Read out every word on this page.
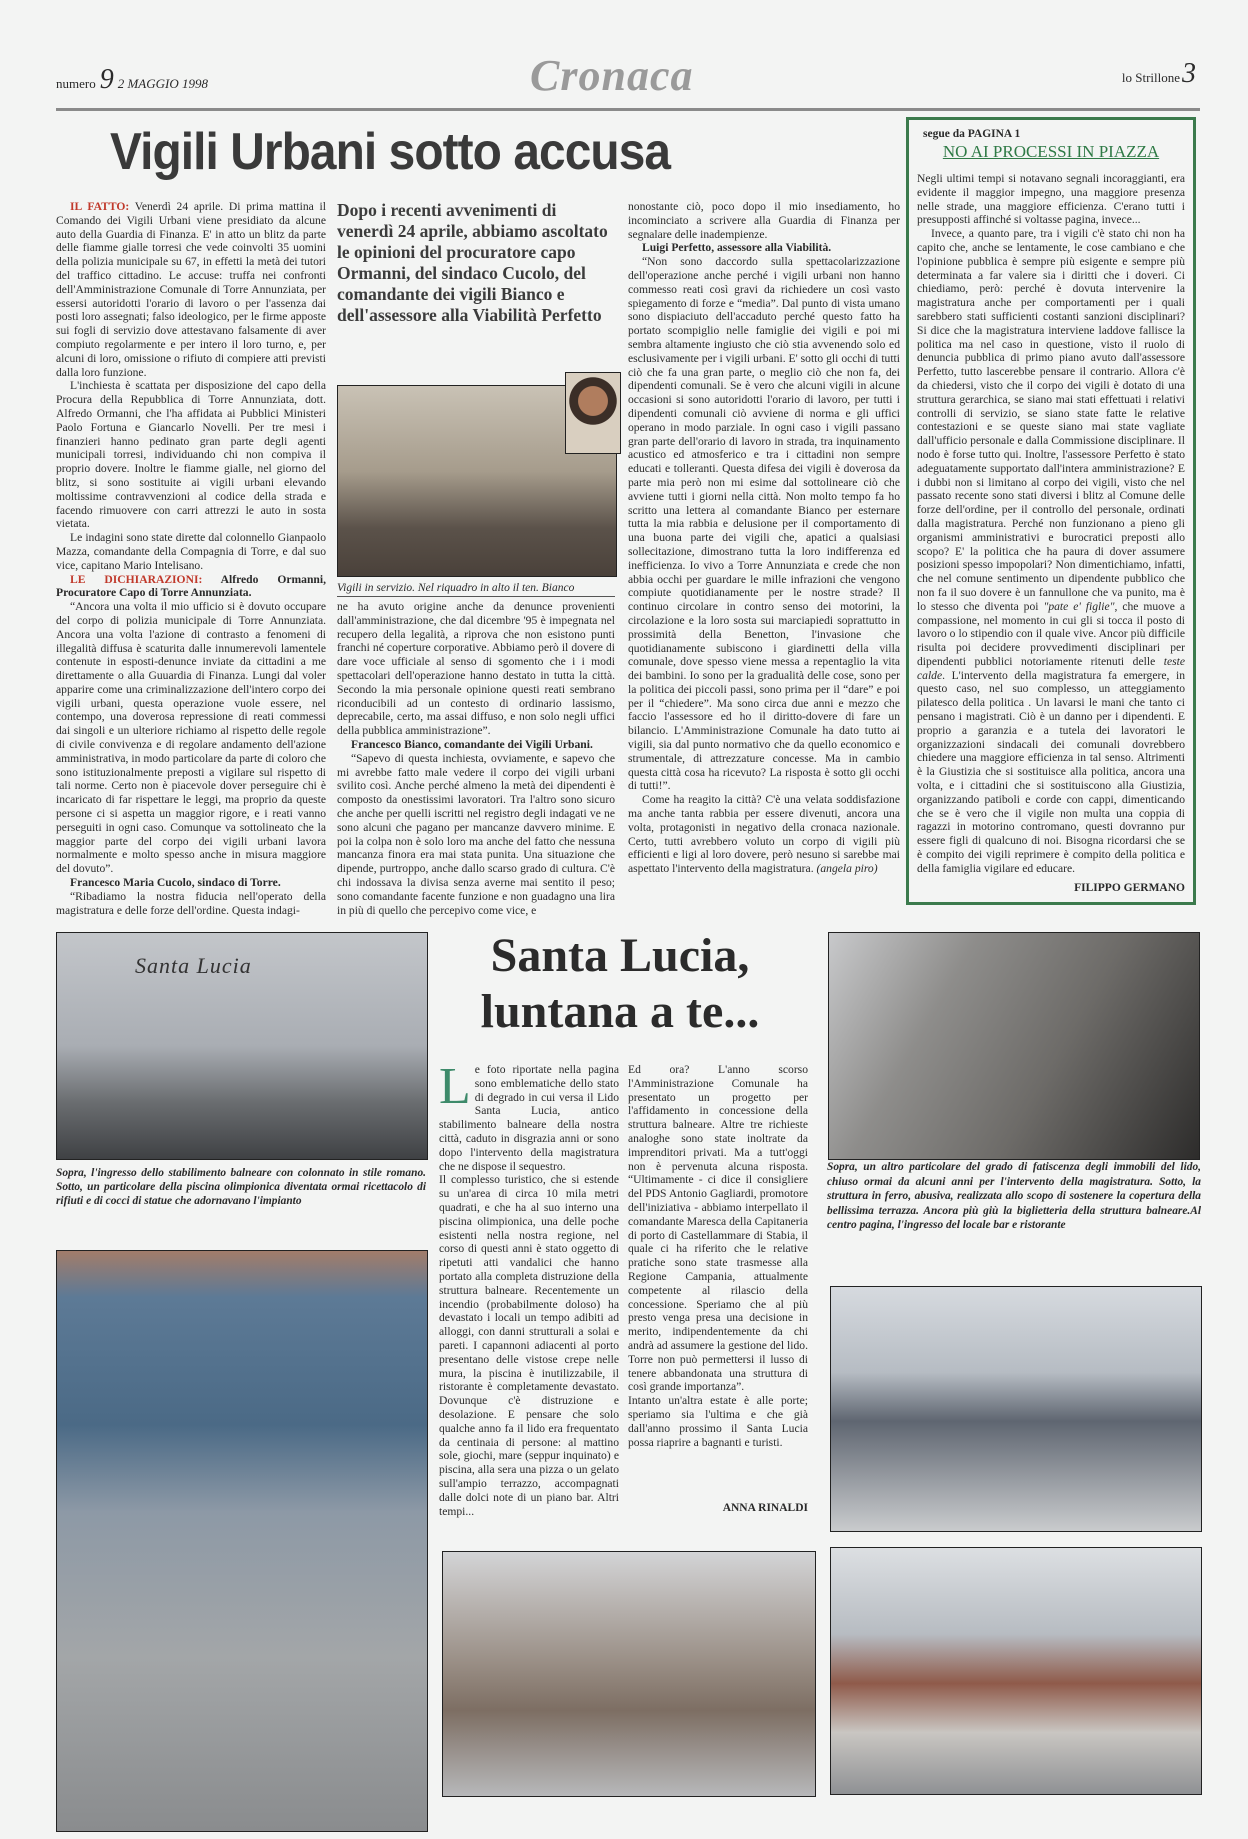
numero 9 2 MAGGIO 1998	Cronaca	lo Strillone3
Vigili Urbani sotto accusa

IL FATTO: Venerdì 24 aprile. Di prima mattina il Comando dei Vigili Urbani viene presidiato da alcune auto della Guardia di Finanza. E' in atto un blitz da parte delle fiamme gialle torresi che vede coinvolti 35 uomini della polizia municipale su 67, in effetti la metà dei tutori del traffico cittadino. Le accuse: truffa nei confronti dell'Amministrazione Comunale di Torre Annunziata, per essersi autoridotti l'orario di lavoro o per l'assenza dai posti loro assegnati; falso ideologico, per le firme apposte sui fogli di servizio dove attestavano falsamente di aver compiuto regolarmente e per intero il loro turno, e, per alcuni di loro, omissione o rifiuto di compiere atti previsti dalla loro funzione.

L'inchiesta è scattata per disposizione del capo della Procura della Repubblica di Torre Annunziata, dott. Alfredo Ormanni, che l'ha affidata ai Pubblici Ministeri Paolo Fortuna e Giancarlo Novelli. Per tre mesi i finanzieri hanno pedinato gran parte degli agenti municipali torresi, individuando chi non compiva il proprio dovere. Inoltre le fiamme gialle, nel giorno del blitz, si sono sostituite ai vigili urbani elevando moltissime contravvenzioni al codice della strada e facendo rimuovere con carri attrezzi le auto in sosta vietata.

Le indagini sono state dirette dal colonnello Gianpaolo Mazza, comandante della Compagnia di Torre, e dal suo vice, capitano Mario Intelisano.

LE DICHIARAZIONI: Alfredo Ormanni, Procuratore Capo di Torre Annunziata.

“Ancora una volta il mio ufficio si è dovuto occupare del corpo di polizia municipale di Torre Annunziata. Ancora una volta l'azione di contrasto a fenomeni di illegalità diffusa è scaturita dalle innumerevoli lamentele contenute in esposti-denunce inviate da cittadini a me direttamente o alla Guuardia di Finanza. Lungi dal voler apparire come una criminalizzazione dell'intero corpo dei vigili urbani, questa operazione vuole essere, nel contempo, una doverosa repressione di reati commessi dai singoli e un ulteriore richiamo al rispetto delle regole di civile convivenza e di regolare andamento dell'azione amministrativa, in modo particolare da parte di coloro che sono istituzionalmente preposti a vigilare sul rispetto di tali norme. Certo non è piacevole dover perseguire chi è incaricato di far rispettare le leggi, ma proprio da queste persone ci si aspetta un maggior rigore, e i reati vanno perseguiti in ogni caso. Comunque va sottolineato che la maggior parte del corpo dei vigili urbani lavora normalmente e molto spesso anche in misura maggiore del dovuto”.

Francesco Maria Cucolo, sindaco di Torre.

“Ribadiamo la nostra fiducia nell'operato della magistratura e delle forze dell'ordine. Questa indagi-

Dopo i recenti avvenimenti di venerdì 24 aprile, abbiamo ascoltato le opinioni del procuratore capo Ormanni, del sindaco Cucolo, del comandante dei vigili Bianco e dell'assessore alla Viabilità Perfetto
Vigili in servizio. Nel riquadro in alto il ten. Bianco

ne ha avuto origine anche da denunce provenienti dall'amministrazione, che dal dicembre '95 è impegnata nel recupero della legalità, a riprova che non esistono punti franchi né coperture corporative. Abbiamo però il dovere di dare voce ufficiale al senso di sgomento che i i modi spettacolari dell'operazione hanno destato in tutta la città. Secondo la mia personale opinione questi reati sembrano riconducibili ad un contesto di ordinario lassismo, deprecabile, certo, ma assai diffuso, e non solo negli uffici della pubblica amministrazione”.

Francesco Bianco, comandante dei Vigili Urbani.

“Sapevo di questa inchiesta, ovviamente, e sapevo che mi avrebbe fatto male vedere il corpo dei vigili urbani svilito così. Anche perché almeno la metà dei dipendenti è composto da onestissimi lavoratori. Tra l'altro sono sicuro che anche per quelli iscritti nel registro degli indagati ve ne sono alcuni che pagano per mancanze davvero minime. E poi la colpa non è solo loro ma anche del fatto che nessuna mancanza finora era mai stata punita. Una situazione che dipende, purtroppo, anche dallo scarso grado di cultura. C'è chi indossava la divisa senza averne mai sentito il peso; sono comandante facente funzione e non guadagno una lira in più di quello che percepivo come vice, e

nonostante ciò, poco dopo il mio insediamento, ho incominciato a scrivere alla Guardia di Finanza per segnalare delle inadempienze.

Luigi Perfetto, assessore alla Viabilità.

“Non sono daccordo sulla spettacolarizzazione dell'operazione anche perché i vigili urbani non hanno commesso reati così gravi da richiedere un così vasto spiegamento di forze e “media”. Dal punto di vista umano sono dispiaciuto dell'accaduto perché questo fatto ha portato scompiglio nelle famiglie dei vigili e poi mi sembra altamente ingiusto che ciò stia avvenendo solo ed esclusivamente per i vigili urbani. E' sotto gli occhi di tutti ciò che fa una gran parte, o meglio ciò che non fa, dei dipendenti comunali. Se è vero che alcuni vigili in alcune occasioni si sono autoridotti l'orario di lavoro, per tutti i dipendenti comunali ciò avviene di norma e gli uffici operano in modo parziale. In ogni caso i vigili passano gran parte dell'orario di lavoro in strada, tra inquinamento acustico ed atmosferico e tra i cittadini non sempre educati e tolleranti. Questa difesa dei vigili è doverosa da parte mia però non mi esime dal sottolineare ciò che avviene tutti i giorni nella città. Non molto tempo fa ho scritto una lettera al comandante Bianco per esternare tutta la mia rabbia e delusione per il comportamento di una buona parte dei vigili che, apatici a qualsiasi sollecitazione, dimostrano tutta la loro indifferenza ed inefficienza. Io vivo a Torre Annunziata e crede che non abbia occhi per guardare le mille infrazioni che vengono compiute quotidianamente per le nostre strade? Il continuo circolare in contro senso dei motorini, la circolazione e la loro sosta sui marciapiedi soprattutto in prossimità della Benetton, l'invasione che quotidianamente subiscono i giardinetti della villa comunale, dove spesso viene messa a repentaglio la vita dei bambini. Io sono per la gradualità delle cose, sono per la politica dei piccoli passi, sono prima per il “dare” e poi per il “chiedere”. Ma sono circa due anni e mezzo che faccio l'assessore ed ho il diritto-dovere di fare un bilancio. L'Amministrazione Comunale ha dato tutto ai vigili, sia dal punto normativo che da quello economico e strumentale, di attrezzature concesse. Ma in cambio questa città cosa ha ricevuto? La risposta è sotto gli occhi di tutti!”.

Come ha reagito la città? C'è una velata soddisfazione ma anche tanta rabbia per essere divenuti, ancora una volta, protagonisti in negativo della cronaca nazionale. Certo, tutti avrebbero voluto un corpo di vigili più efficienti e ligi al loro dovere, però nesuno si sarebbe mai aspettato l'intervento della magistratura. (angela piro)

segue da PAGINA 1
NO AI PROCESSI IN PIAZZA

Negli ultimi tempi si notavano segnali incoraggianti, era evidente il maggior impegno, una maggiore presenza nelle strade, una maggiore efficienza. C'erano tutti i presupposti affinché si voltasse pagina, invece...

Invece, a quanto pare, tra i vigili c'è stato chi non ha capito che, anche se lentamente, le cose cambiano e che l'opinione pubblica è sempre più esigente e sempre più determinata a far valere sia i diritti che i doveri. Ci chiediamo, però: perché è dovuta intervenire la magistratura anche per comportamenti per i quali sarebbero stati sufficienti costanti sanzioni disciplinari? Si dice che la magistratura interviene laddove fallisce la politica ma nel caso in questione, visto il ruolo di denuncia pubblica di primo piano avuto dall'assessore Perfetto, tutto lascerebbe pensare il contrario. Allora c'è da chiedersi, visto che il corpo dei vigili è dotato di una struttura gerarchica, se siano mai stati effettuati i relativi controlli di servizio, se siano state fatte le relative contestazioni e se queste siano mai state vagliate dall'ufficio personale e dalla Commissione disciplinare. Il nodo è forse tutto qui. Inoltre, l'assessore Perfetto è stato adeguatamente supportato dall'intera amministrazione? E i dubbi non si limitano al corpo dei vigili, visto che nel passato recente sono stati diversi i blitz al Comune delle forze dell'ordine, per il controllo del personale, ordinati dalla magistratura. Perché non funzionano a pieno gli organismi amministrativi e burocratici preposti allo scopo? E' la politica che ha paura di dover assumere posizioni spesso impopolari? Non dimentichiamo, infatti, che nel comune sentimento un dipendente pubblico che non fa il suo dovere è un fannullone che va punito, ma è lo stesso che diventa poi "pate e' figlie", che muove a compassione, nel momento in cui gli si tocca il posto di lavoro o lo stipendio con il quale vive. Ancor più difficile risulta poi decidere provvedimenti disciplinari per dipendenti pubblici notoriamente ritenuti delle teste calde. L'intervento della magistratura fa emergere, in questo caso, nel suo complesso, un atteggiamento pilatesco della politica . Un lavarsi le mani che tanto ci pensano i magistrati. Ciò è un danno per i dipendenti. E proprio a garanzia e a tutela dei lavoratori le organizzazioni sindacali dei comunali dovrebbero chiedere una maggiore efficienza in tal senso. Altrimenti è la Giustizia che si sostituisce alla politica, ancora una volta, e i cittadini che si sostituiscono alla Giustizia, organizzando patiboli e corde con cappi, dimenticando che se è vero che il vigile non multa una coppia di ragazzi in motorino contromano, questi dovranno pur essere figli di qualcuno di noi. Bisogna ricordarsi che se è compito dei vigili reprimere è compito della politica e della famiglia vigilare ed educare.

FILIPPO GERMANO
Santa Lucia
Sopra, l'ingresso dello stabilimento balneare con colonnato in stile romano. Sotto, un particolare della piscina olimpionica diventata ormai ricettacolo di rifiuti e di cocci di statue che adornavano l'impianto
Santa Lucia,
luntana a te...

Le foto riportate nella pagina sono emblematiche dello stato di degrado in cui versa il Lido Santa Lucia, antico stabilimento balneare della nostra città, caduto in disgrazia anni or sono dopo l'intervento della magistratura che ne dispose il sequestro.

Il complesso turistico, che si estende su un'area di circa 10 mila metri quadrati, e che ha al suo interno una piscina olimpionica, una delle poche esistenti nella nostra regione, nel corso di questi anni è stato oggetto di ripetuti atti vandalici che hanno portato alla completa distruzione della struttura balneare. Recentemente un incendio (probabilmente doloso) ha devastato i locali un tempo adibiti ad alloggi, con danni strutturali a solai e pareti. I capannoni adiacenti al porto presentano delle vistose crepe nelle mura, la piscina è inutilizzabile, il ristorante è completamente devastato. Dovunque c'è distruzione e desolazione. E pensare che solo qualche anno fa il lido era frequentato da centinaia di persone: al mattino sole, giochi, mare (seppur inquinato) e piscina, alla sera una pizza o un gelato sull'ampio terrazzo, accompagnati dalle dolci note di un piano bar. Altri tempi...

Ed ora? L'anno scorso l'Amministrazione Comunale ha presentato un progetto per l'affidamento in concessione della struttura balneare. Altre tre richieste analoghe sono state inoltrate da imprenditori privati. Ma a tutt'oggi non è pervenuta alcuna risposta. “Ultimamente - ci dice il consigliere del PDS Antonio Gagliardi, promotore dell'iniziativa - abbiamo interpellato il comandante Maresca della Capitaneria di porto di Castellammare di Stabia, il quale ci ha riferito che le relative pratiche sono state trasmesse alla Regione Campania, attualmente competente al rilascio della concessione. Speriamo che al più presto venga presa una decisione in merito, indipendentemente da chi andrà ad assumere la gestione del lido. Torre non può permettersi il lusso di tenere abbandonata una struttura di così grande importanza”.

Intanto un'altra estate è alle porte; speriamo sia l'ultima e che già dall'anno prossimo il Santa Lucia possa riaprire a bagnanti e turisti.

ANNA RINALDI
Sopra, un altro particolare del grado di fatiscenza degli immobili del lido, chiuso ormai da alcuni anni per l'intervento della magistratura. Sotto, la struttura in ferro, abusiva, realizzata allo scopo di sostenere la copertura della bellissima terrazza. Ancora più giù la biglietteria della struttura balneare.Al centro pagina, l'ingresso del locale bar e ristorante
